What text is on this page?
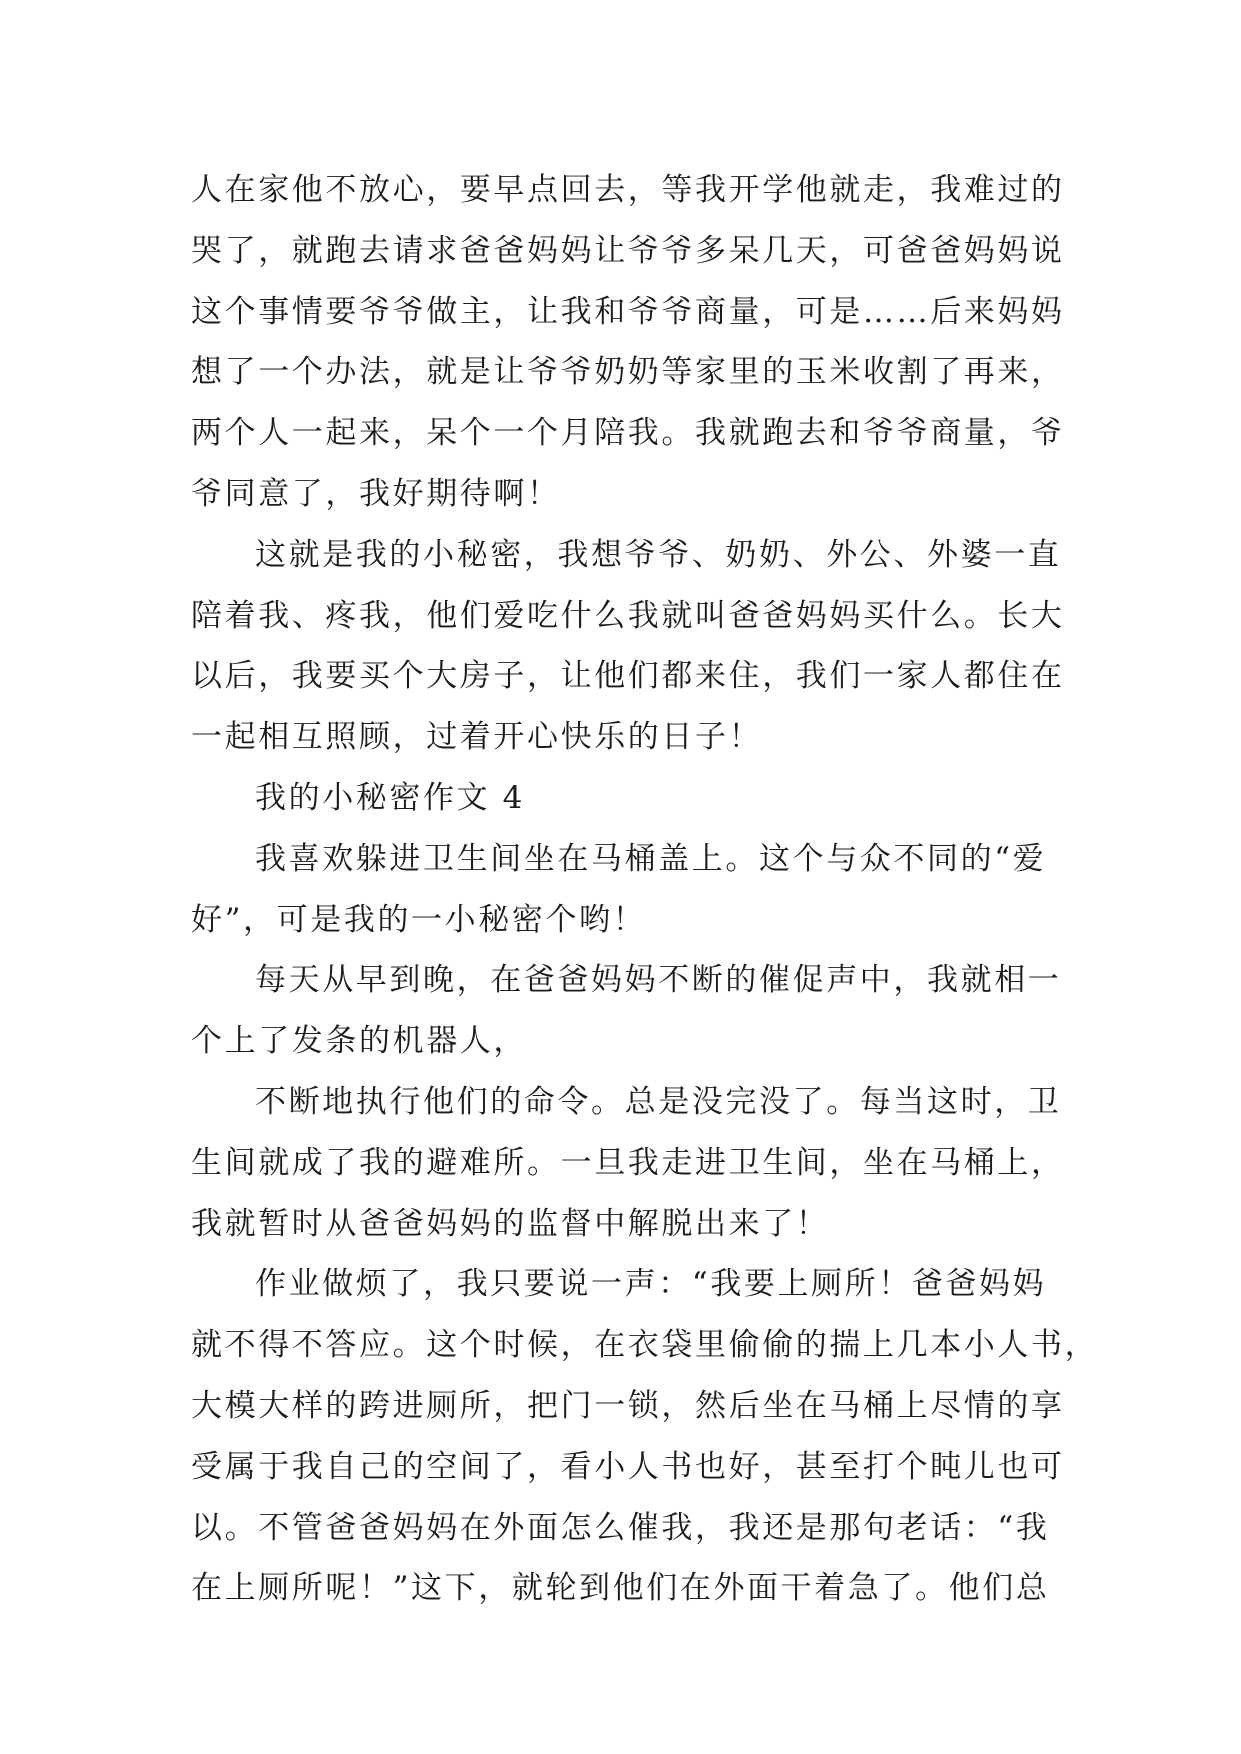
人在家他不放心，要早点回去，等我开学他就走，我难过的
哭了，就跑去请求爸爸妈妈让爷爷多呆几天，可爸爸妈妈说
这个事情要爷爷做主，让我和爷爷商量，可是……后来妈妈
想了一个办法，就是让爷爷奶奶等家里的玉米收割了再来，
两个人一起来，呆个一个月陪我。我就跑去和爷爷商量，爷
爷同意了，我好期待啊！
这就是我的小秘密，我想爷爷、奶奶、外公、外婆一直
陪着我、疼我，他们爱吃什么我就叫爸爸妈妈买什么。长大
以后，我要买个大房子，让他们都来住，我们一家人都住在
一起相互照顾，过着开心快乐的日子！
我的小秘密作文 4
我喜欢躲进卫生间坐在马桶盖上。这个与众不同的“爱
好”，可是我的一小秘密个哟！
每天从早到晚，在爸爸妈妈不断的催促声中，我就相一
个上了发条的机器人，
不断地执行他们的命令。总是没完没了。每当这时，卫
生间就成了我的避难所。一旦我走进卫生间，坐在马桶上，
我就暂时从爸爸妈妈的监督中解脱出来了！
作业做烦了，我只要说一声：“我要上厕所！爸爸妈妈
就不得不答应。这个时候，在衣袋里偷偷的揣上几本小人书，
大模大样的跨进厕所，把门一锁，然后坐在马桶上尽情的享
受属于我自己的空间了，看小人书也好，甚至打个盹儿也可
以。不管爸爸妈妈在外面怎么催我，我还是那句老话：“我
在上厕所呢！”这下，就轮到他们在外面干着急了。他们总
